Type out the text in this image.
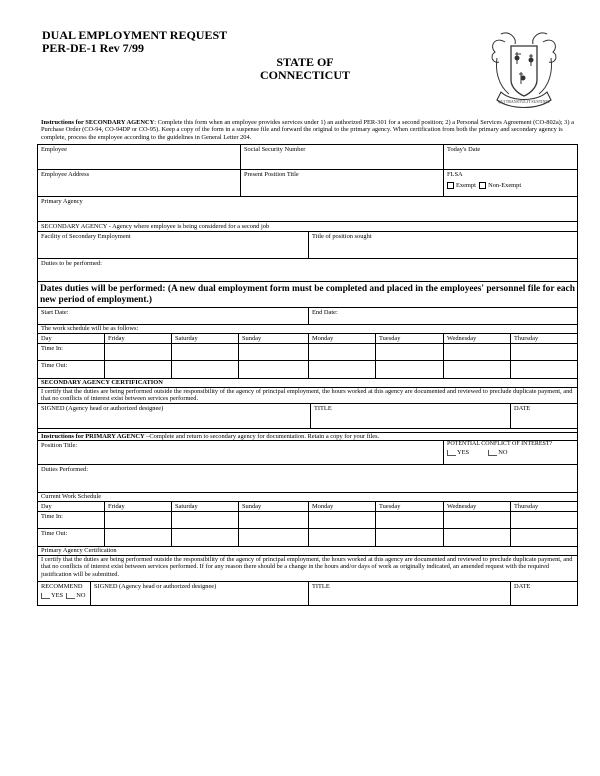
DUAL EMPLOYMENT REQUEST
PER-DE-1 Rev 7/99
STATE OF
CONNECTICUT
QUI TRANSTULIT SUSTINET
Instructions for SECONDARY AGENCY: Complete this form when an employee provides services under 1) an authorized PER-301 for a second position; 2) a Personal Services Agreement (CO-802a); 3) a Purchase Order (CO-94, CO-94DP or CO-95). Keep a copy of the form in a suspense file and forward the original to the primary agency. When certification from both the primary and secondary agency is complete, process the employee according to the guidelines in General Letter 204.
Employee	Social Security Number	Today's Date
Employee Address	Present Position Title	FLSA
Exempt Non-Exempt
Primary Agency
SECONDARY AGENCY - Agency where employee is being considered for a second job
Facility of Secondary Employment	Title of position sought
Duties to be performed:
Dates duties will be performed: (A new dual employment form must be completed and placed in the employees' personnel file for each new period of employment.)
Start Date:	End Date:
The work schedule will be as follows:
Day	Friday	Saturday	Sunday	Monday	Tuesday	Wednesday	Thursday
Time In:
Time Out:
SECONDARY AGENCY CERTIFICATION
I certify that the duties are being performed outside the responsibility of the agency of principal employment, the hours worked at this agency are documented and reviewed to preclude duplicate payment, and that no conflicts of interest exist between services performed.
SIGNED (Agency head or authorized designee)	TITLE	DATE
Instructions for PRIMARY AGENCY –Complete and return to secondary agency for documentation. Retain a copy for your files.
Position Title:	POTENTIAL CONFLICT OF INTEREST?
YES	NO
Duties Performed:
Current Work Schedule
Day	Friday	Saturday	Sunday	Monday	Tuesday	Wednesday	Thursday
Time In:
Time Out:
Primary Agency Certification
I certify that the duties are being performed outside the responsibility of the agency of principal employment, the hours worked at this agency are documented and reviewed to preclude duplicate payment, and that no conflicts of interest exist between services performed. If for any reason there should be a change in the hours and/or days of work as originally indicated, an amended request with the required justification will be submitted.
RECOMMEND
YES NO
SIGNED (Agency head or authorized designee)	TITLE	DATE
